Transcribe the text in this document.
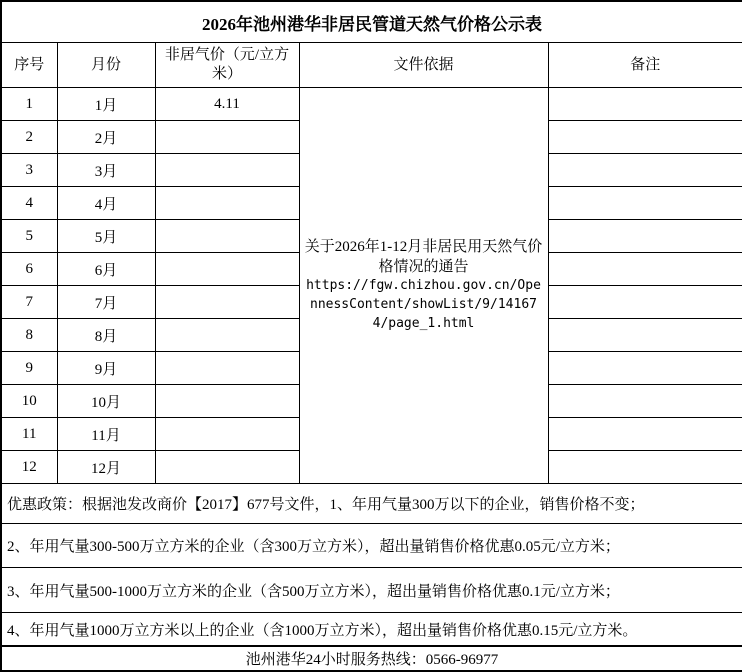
2026年池州港华非居民管道天然气价格公示表				
序号	月份	非居气价（元/立方米）	文件依据	备注
1	1月	4.11	关于2026年1-12月非居民用天然气价格情况的通告
https://fgw.chizhou.gov.cn/OpennessContent/showList/9/141674/page_1.html	

2	2月			
3	3月			
4	4月			
5	5月			
6	6月			
7	7月			
8	8月			
9	9月			
10	10月			
11	11月			
12	12月			
优惠政策：根据池发改商价【2017】677号文件，1、年用气量300万以下的企业，销售价格不变；				
2、年用气量300-500万立方米的企业（含300万立方米），超出量销售价格优惠0.05元/立方米；				
3、年用气量500-1000万立方米的企业（含500万立方米），超出量销售价格优惠0.1元/立方米；				
4、年用气量1000万立方米以上的企业（含1000万立方米），超出量销售价格优惠0.15元/立方米。				
池州港华24小时服务热线：0566-96977				
